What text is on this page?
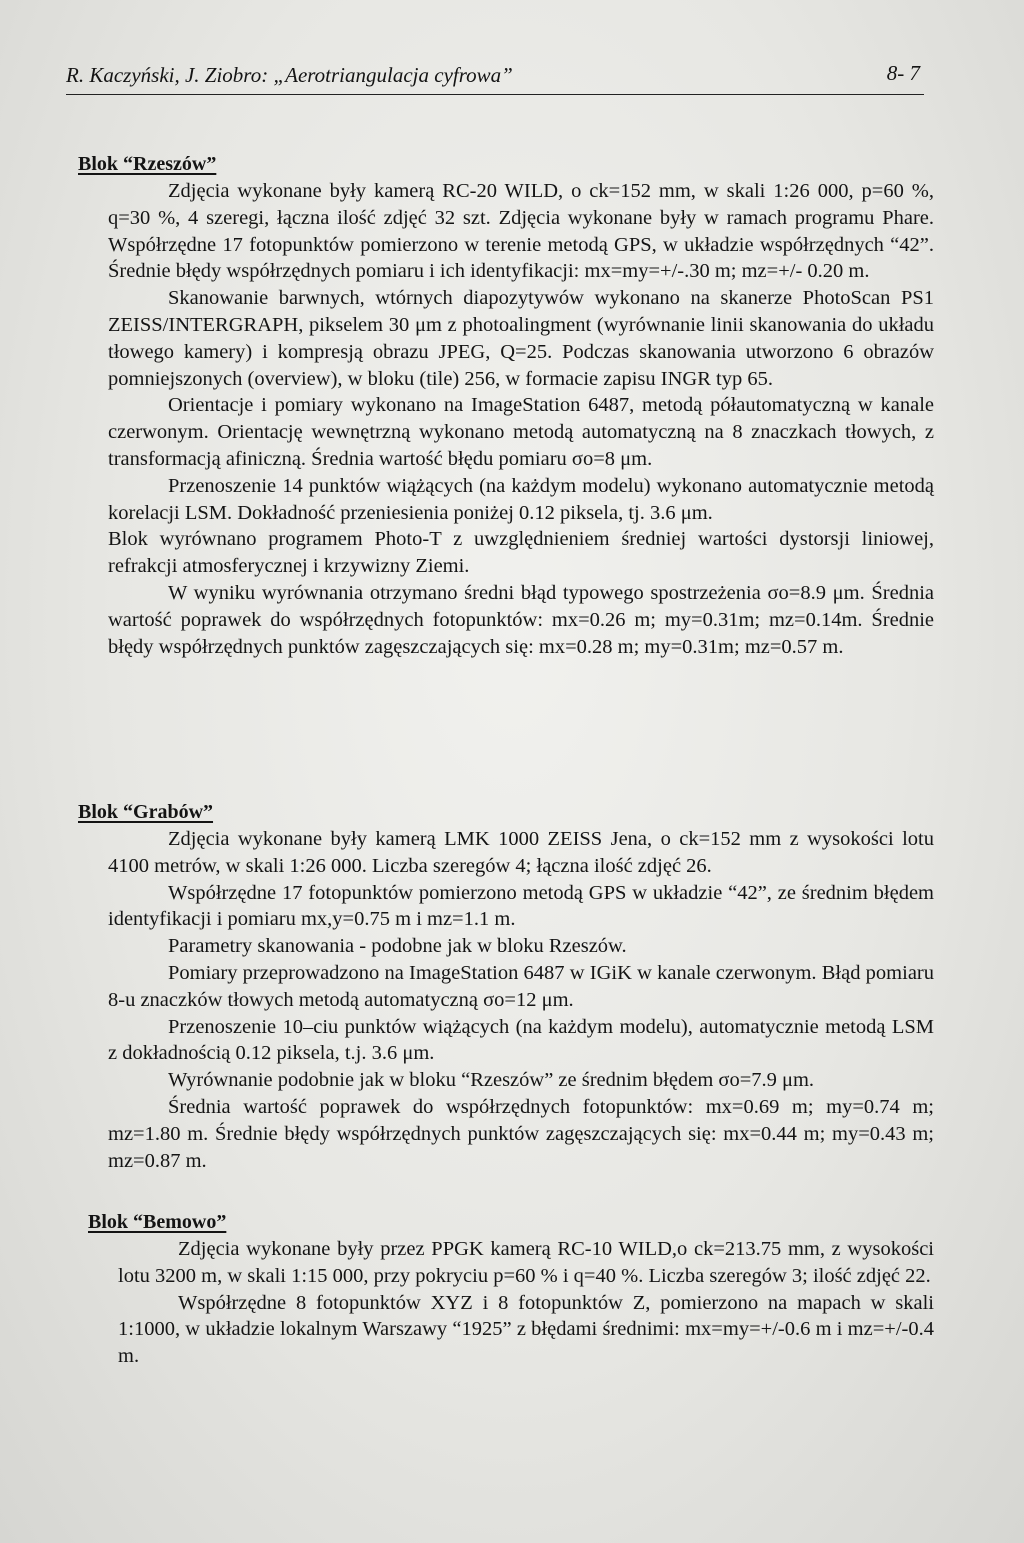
R. Kaczyński, J. Ziobro: „Aerotriangulacja cyfrowa”	8- 7
Blok “Rzeszów”

Zdjęcia wykonane były kamerą RC-20 WILD, o ck=152 mm, w skali 1:26 000, p=60 %, q=30 %, 4 szeregi, łączna ilość zdjęć 32 szt. Zdjęcia wykonane były w ramach programu Phare. Współrzędne 17 fotopunktów pomierzono w terenie metodą GPS, w układzie współrzędnych “42”. Średnie błędy współrzędnych pomiaru i ich identyfikacji: mx=my=+/-.30 m; mz=+/- 0.20 m.

Skanowanie barwnych, wtórnych diapozytywów wykonano na skanerze PhotoScan PS1 ZEISS/INTERGRAPH, pikselem 30 μm z photoalingment (wyrównanie linii skanowania do układu tłowego kamery) i kompresją obrazu JPEG, Q=25. Podczas skanowania utworzono 6 obrazów pomniejszonych (overview), w bloku (tile) 256, w formacie zapisu INGR typ 65.

Orientacje i pomiary wykonano na ImageStation 6487, metodą półautomatyczną w kanale czerwonym. Orientację wewnętrzną wykonano metodą automatyczną na 8 znaczkach tłowych, z transformacją afiniczną. Średnia wartość błędu pomiaru σo=8 μm.

Przenoszenie 14 punktów wiążących (na każdym modelu) wykonano automatycznie metodą korelacji LSM. Dokładność przeniesienia poniżej 0.12 piksela, tj. 3.6 μm.

Blok wyrównano programem Photo-T z uwzględnieniem średniej wartości dystorsji liniowej, refrakcji atmosferycznej i krzywizny Ziemi.

W wyniku wyrównania otrzymano średni błąd typowego spostrzeżenia σo=8.9 μm. Średnia wartość poprawek do współrzędnych fotopunktów: mx=0.26 m; my=0.31m; mz=0.14m. Średnie błędy współrzędnych punktów zagęszczających się: mx=0.28 m; my=0.31m; mz=0.57 m.

Blok “Grabów”

Zdjęcia wykonane były kamerą LMK 1000 ZEISS Jena, o ck=152 mm z wysokości lotu 4100 metrów, w skali 1:26 000. Liczba szeregów 4; łączna ilość zdjęć 26.

Współrzędne 17 fotopunktów pomierzono metodą GPS w układzie “42”, ze średnim błędem identyfikacji i pomiaru mx,y=0.75 m i mz=1.1 m.

Parametry skanowania - podobne jak w bloku Rzeszów.

Pomiary przeprowadzono na ImageStation 6487 w IGiK w kanale czerwonym. Błąd pomiaru 8-u znaczków tłowych metodą automatyczną σo=12 μm.

Przenoszenie 10–ciu punktów wiążących (na każdym modelu), automatycznie metodą LSM z dokładnością 0.12 piksela, t.j. 3.6 μm.

Wyrównanie podobnie jak w bloku “Rzeszów” ze średnim błędem σo=7.9 μm.

Średnia wartość poprawek do współrzędnych fotopunktów: mx=0.69 m; my=0.74 m; mz=1.80 m. Średnie błędy współrzędnych punktów zagęszczających się: mx=0.44 m; my=0.43 m; mz=0.87 m.

Blok “Bemowo”

Zdjęcia wykonane były przez PPGK kamerą RC-10 WILD,o ck=213.75 mm, z wysokości lotu 3200 m, w skali 1:15 000, przy pokryciu p=60 % i q=40 %. Liczba szeregów 3; ilość zdjęć 22.

Współrzędne 8 fotopunktów XYZ i 8 fotopunktów Z, pomierzono na mapach w skali 1:1000, w układzie lokalnym Warszawy “1925” z błędami średnimi: mx=my=+/-0.6 m i mz=+/-0.4 m.
